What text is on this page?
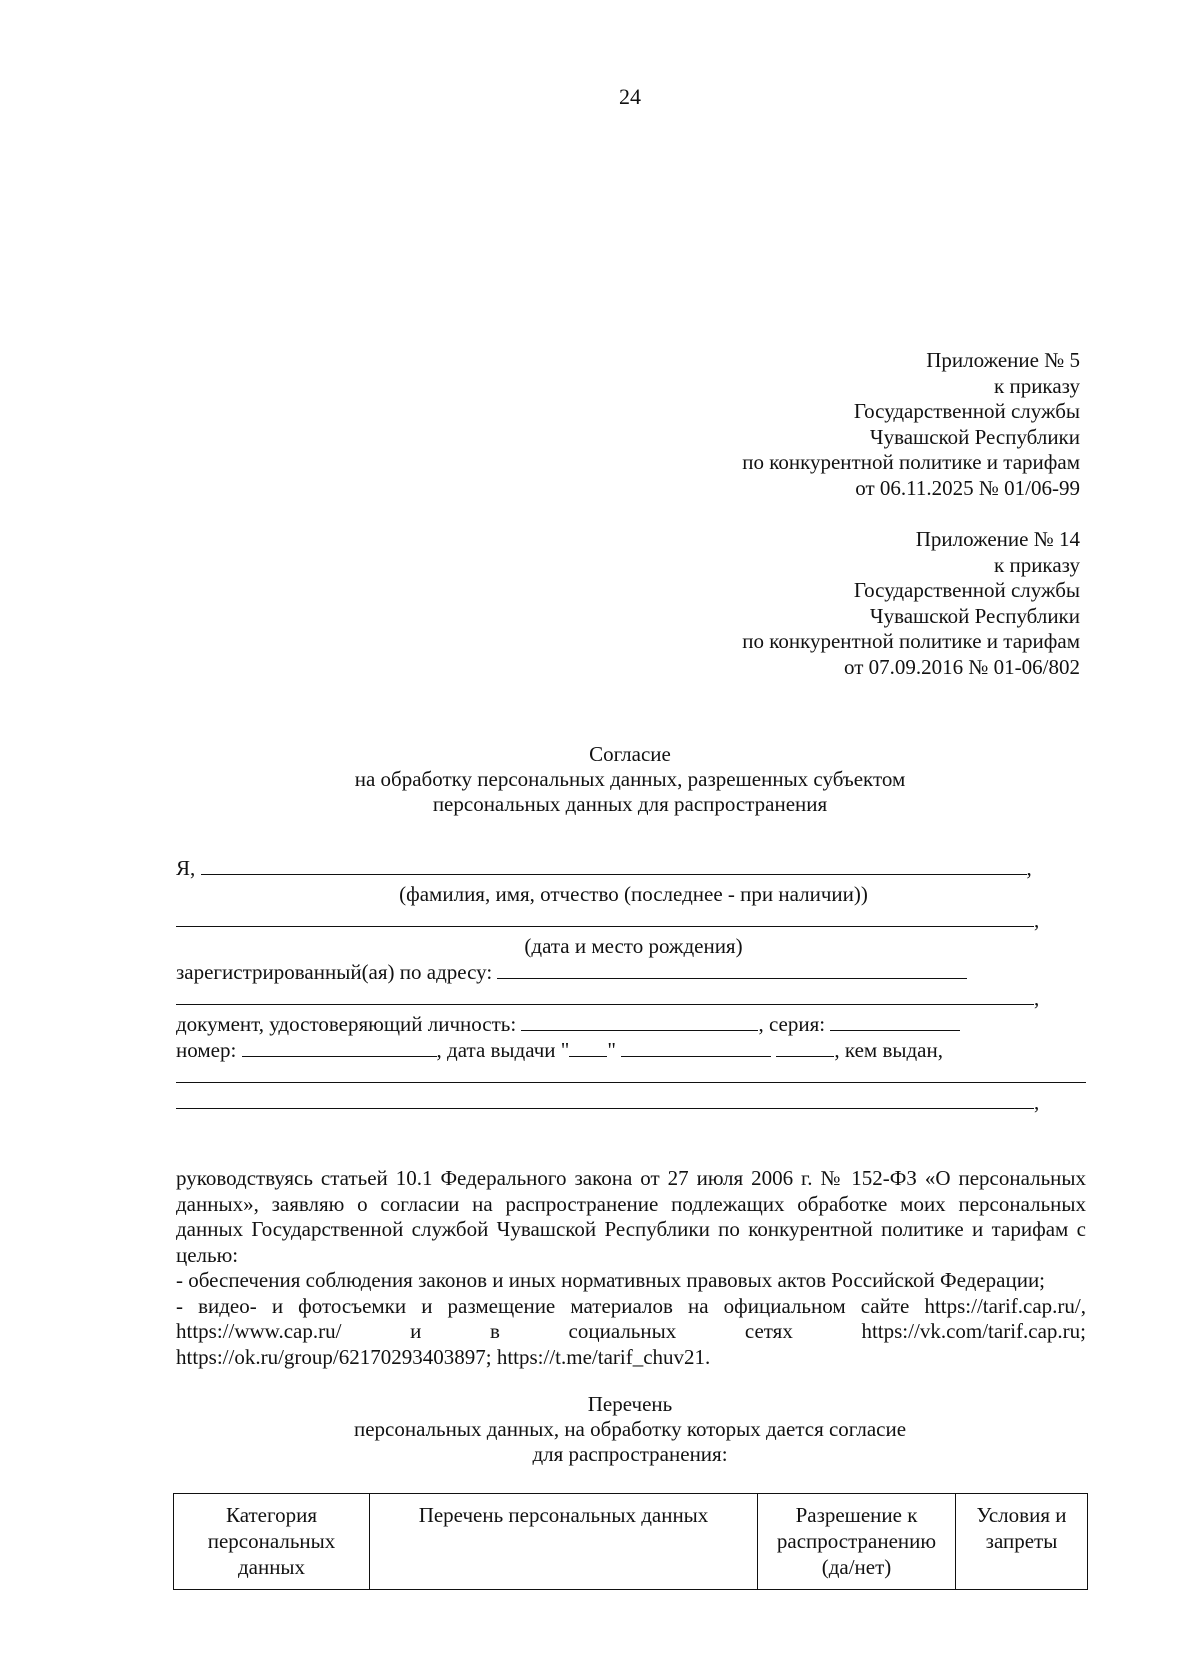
24
Приложение № 5
к приказу
Государственной службы
Чувашской Республики
по конкурентной политике и тарифам
от 06.11.2025 № 01/06-99
Приложение № 14
к приказу
Государственной службы
Чувашской Республики
по конкурентной политике и тарифам
от 07.09.2016 № 01-06/802
Согласие
на обработку персональных данных, разрешенных субъектом
персональных данных для распространения
Я,	,
(фамилия, имя, отчество (последнее - при наличии))
,
(дата и место рождения)
зарегистрированный(ая) по адресу:
,
документ, удостоверяющий личность:	, серия:
номер:	, дата выдачи " "	, кем выдан,
,

руководствуясь статьей 10.1 Федерального закона от 27 июля 2006 г. № 152-ФЗ «О персональных данных», заявляю о согласии на распространение подлежащих обработке моих персональных данных Государственной службой Чувашской Республики по конкурентной политике и тарифам с целью:

- обеспечения соблюдения законов и иных нормативных правовых актов Российской Федерации;

- видео- и фотосъемки и размещение материалов на официальном сайте https://tarif.cap.ru/, https://www.cap.ru/ и в социальных сетях https://vk.com/tarif.cap.ru; https://ok.ru/group/62170293403897; https://t.me/tarif_chuv21.

Перечень
персональных данных, на обработку которых дается согласие
для распространения:
Категория персональных данных	Перечень персональных данных	Разрешение к распространению (да/нет)	Условия и запреты
